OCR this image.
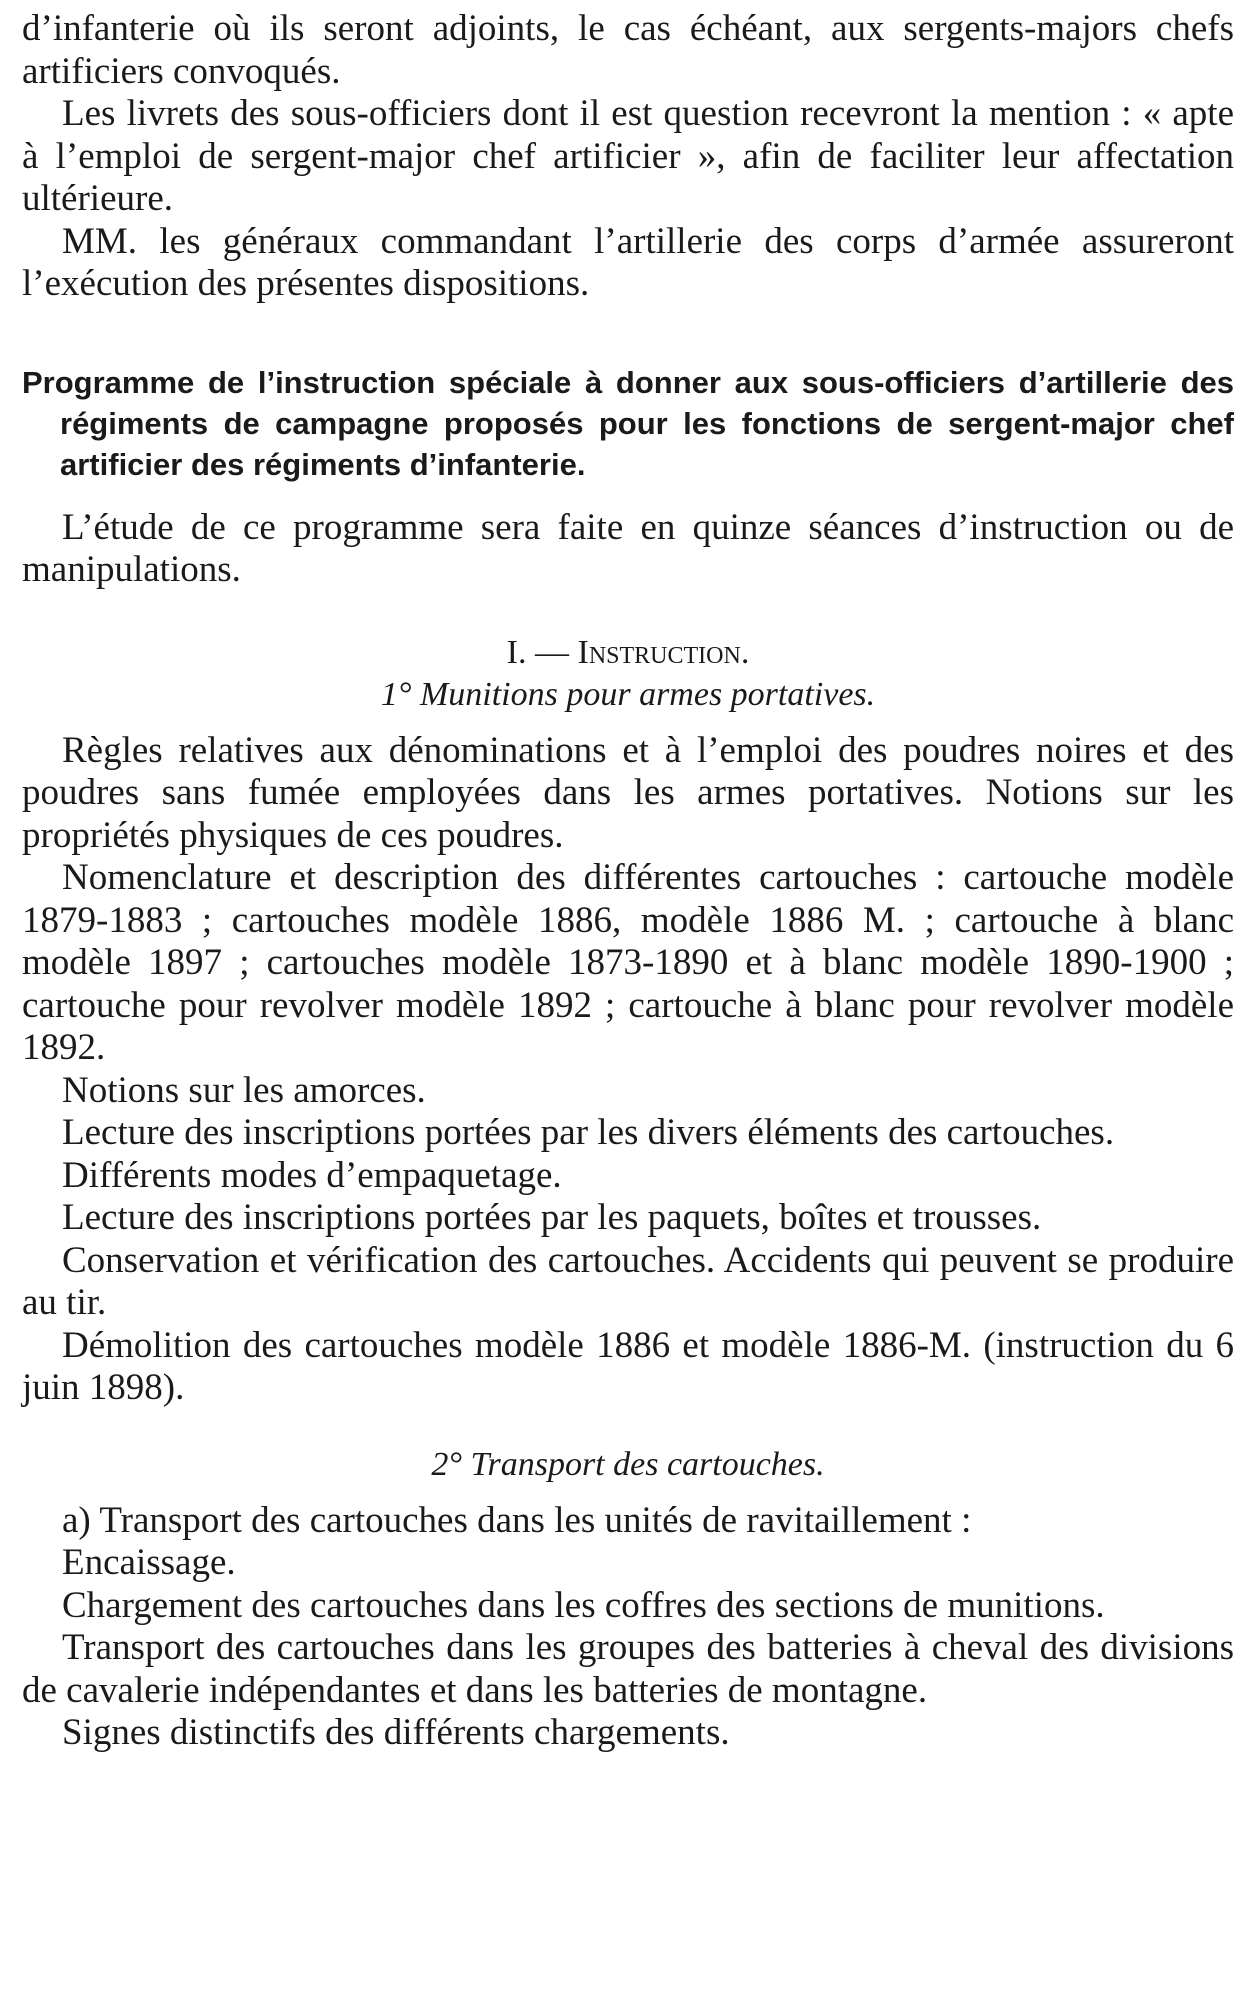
d’infanterie où ils seront adjoints, le cas échéant, aux sergents-majors chefs artificiers convoqués.

Les livrets des sous-officiers dont il est question recevront la mention : « apte à l’emploi de sergent-major chef artificier », afin de faciliter leur affectation ultérieure.

MM. les généraux commandant l’artillerie des corps d’armée assureront l’exécution des présentes dispositions.

Programme de l’instruction spéciale à donner aux sous-officiers d’artillerie des régiments de campagne proposés pour les fonctions de sergent-major chef artificier des régiments d’infanterie.

L’étude de ce programme sera faite en quinze séances d’instruction ou de manipulations.

I. — Instruction.

1° Munitions pour armes portatives.

Règles relatives aux dénominations et à l’emploi des poudres noires et des poudres sans fumée employées dans les armes portatives. Notions sur les propriétés physiques de ces poudres.

Nomenclature et description des différentes cartouches : cartouche modèle 1879-1883 ; cartouches modèle 1886, modèle 1886 M. ; cartouche à blanc modèle 1897 ; cartouches modèle 1873-1890 et à blanc modèle 1890-1900 ; cartouche pour revolver modèle 1892 ; cartouche à blanc pour revolver modèle 1892.

Notions sur les amorces.

Lecture des inscriptions portées par les divers éléments des cartouches.

Différents modes d’empaquetage.

Lecture des inscriptions portées par les paquets, boîtes et trousses.

Conservation et vérification des cartouches. Accidents qui peuvent se produire au tir.

Démolition des cartouches modèle 1886 et modèle 1886-M. (instruction du 6 juin 1898).

2° Transport des cartouches.

a) Transport des cartouches dans les unités de ravitaillement :

Encaissage.

Chargement des cartouches dans les coffres des sections de munitions.

Transport des cartouches dans les groupes des batteries à cheval des divisions de cavalerie indépendantes et dans les batteries de montagne.

Signes distinctifs des différents chargements.
